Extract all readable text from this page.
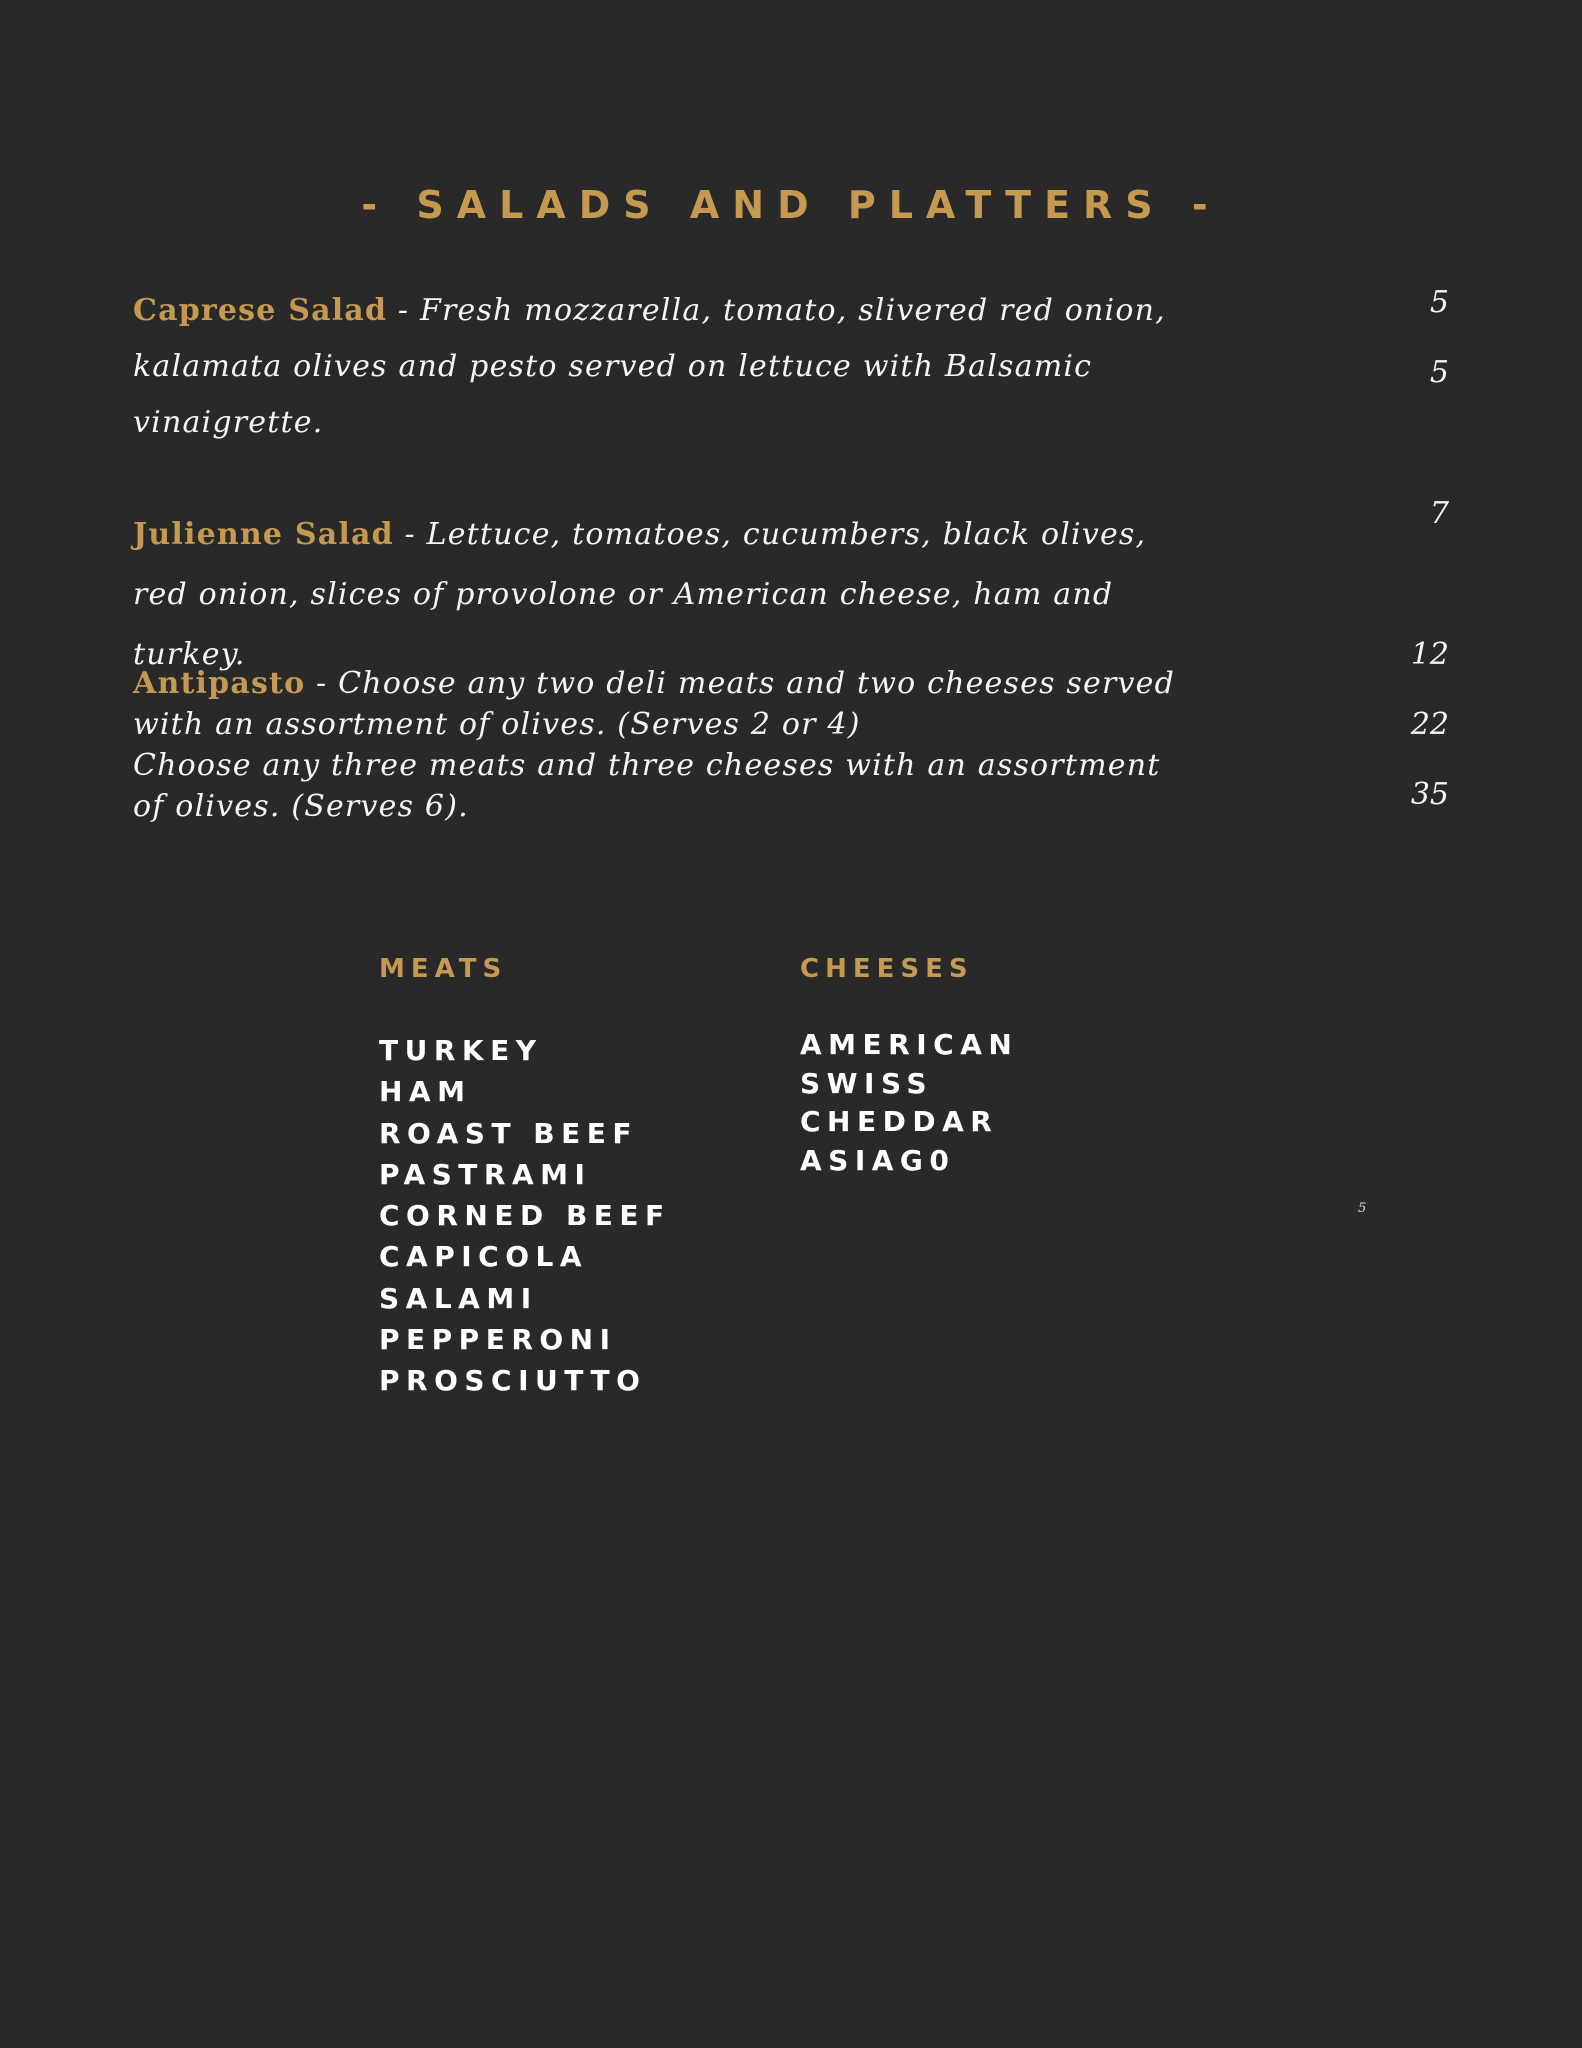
- SALADS AND PLATTERS -

Caprese Salad - Fresh mozzarella, tomato, slivered red onion, kalamata olives and pesto served on lettuce with Balsamic vinaigrette.

Julienne Salad - Lettuce, tomatoes, cucumbers, black olives, red onion, slices of provolone or American cheese, ham and turkey.

Antipasto - Choose any two deli meats and two cheeses served with an assortment of olives. (Serves 2 or 4)

Choose any three meats and three cheeses with an assortment of olives. (Serves 6).

5
5
7
12
22
35
MEATS
TURKEY
HAM
ROAST BEEF
PASTRAMI
CORNED BEEF
CAPICOLA
SALAMI
PEPPERONI
PROSCIUTTO
CHEESES
AMERICAN
SWISS
CHEDDAR
ASIAG0
5
